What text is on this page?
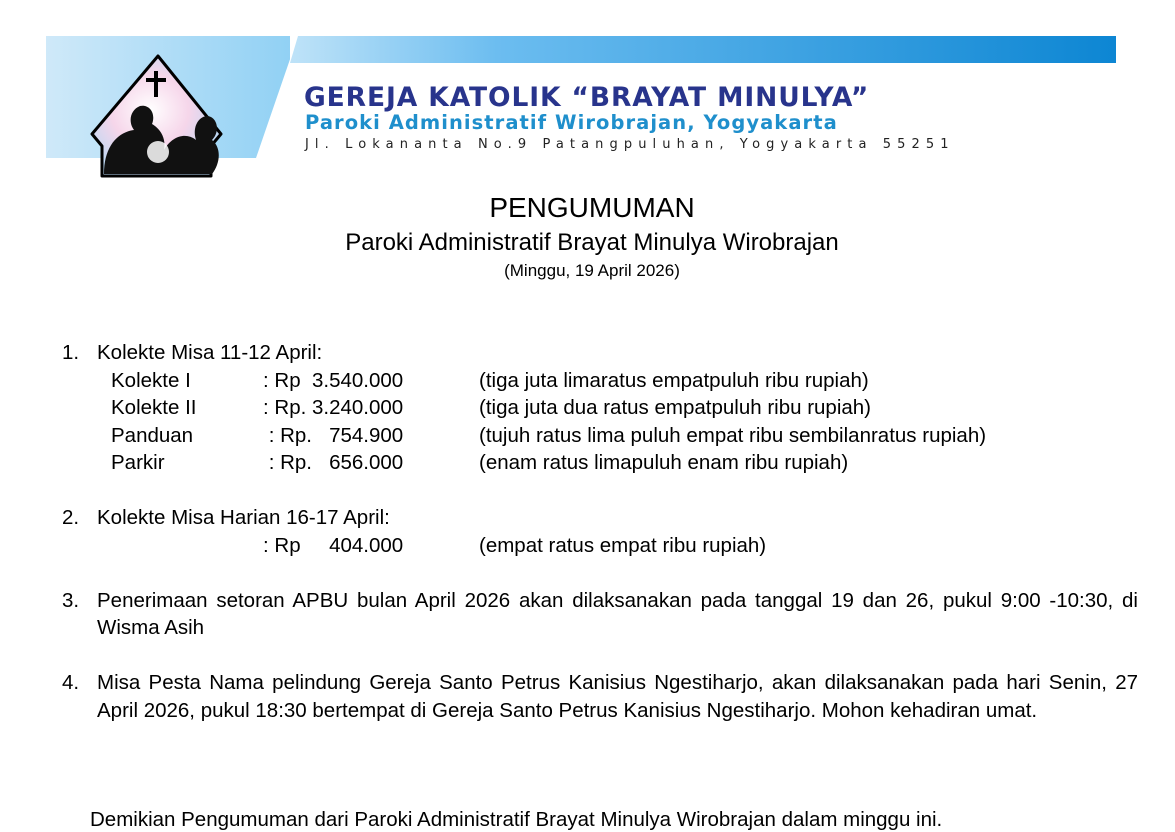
GEREJA KATOLIK “BRAYAT MINULYA”
Paroki Administratif Wirobrajan, Yogyakarta
Jl. Lokananta No.9 Patangpuluhan, Yogyakarta 55251
PENGUMUMAN
Paroki Administratif Brayat Minulya Wirobrajan
(Minggu, 19 April 2026)
1. Kolekte Misa 11-12 April:
Kolekte I	: Rp  3.540.000	(tiga juta limaratus empatpuluh ribu rupiah)
Kolekte II	: Rp. 3.240.000	(tiga juta dua ratus empatpuluh ribu rupiah)
Panduan	: Rp.   754.900	(tujuh ratus lima puluh empat ribu sembilanratus rupiah)
Parkir	: Rp.   656.000	(enam ratus limapuluh enam ribu rupiah)
2. Kolekte Misa Harian 16-17 April:
: Rp     404.000	(empat ratus empat ribu rupiah)
3. Penerimaan setoran APBU bulan April 2026 akan dilaksanakan pada tanggal 19 dan 26, pukul 9:00 -10:30, di Wisma Asih

4. Misa Pesta Nama pelindung Gereja Santo Petrus Kanisius Ngestiharjo, akan dilaksanakan pada hari Senin, 27 April 2026, pukul 18:30 bertempat di Gereja Santo Petrus Kanisius Ngestiharjo. Mohon kehadiran umat.

Demikian Pengumuman dari Paroki Administratif Brayat Minulya Wirobrajan dalam minggu ini.
